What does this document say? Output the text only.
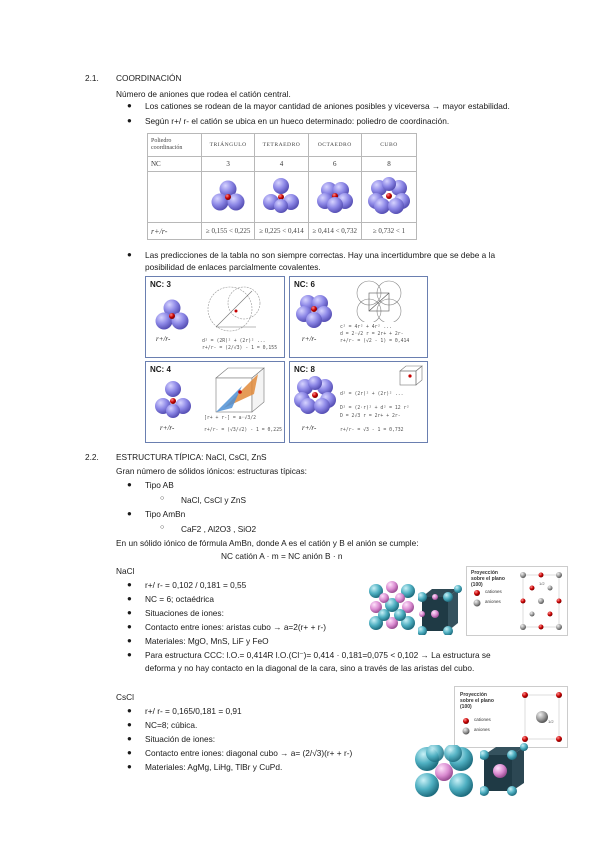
2.1. COORDINACIÓN
Número de aniones que rodea el catión central.
● Los cationes se rodean de la mayor cantidad de aniones posibles y viceversa → mayor estabilidad.
● Según r+/ r- el catión se ubica en un hueco determinado: poliedro de coordinación.
Poliedro coordinación	TRIÁNGULO	TETRAEDRO	OCTAEDRO	CUBO
NC	3	4	6	8

r+/r-	≥ 0,155 < 0,225	≥ 0,225 < 0,414	≥ 0,414 < 0,732	≥ 0,732 < 1
● Las predicciones de la tabla no son siempre correctas. Hay una incertidumbre que se debe a la
posibilidad de enlaces parcialmente covalentes.
NC: 3
r+/r-	d² = (2R)² + (2r)² ...
r+/r- = (2/√3) - 1 = 0,155
NC: 6
r+/r-
c² = 4r² + 4r² ...
d = 2·√2 r = 2r+ + 2r-
r+/r- = (√2 - 1) = 0,414
NC: 4
r+/r-
[r+ + r-] = a·√3/2
r+/r- = (√3/√2) - 1 = 0,225
NC: 8
r+/r-
d² = (2r)² + (2r)² ...
D² = (2·r)² + d² = 12 r²
D = 2√3 r = 2r+ + 2r-
r+/r- = √3 - 1 = 0,732
2.2. ESTRUCTURA TÍPICA: NaCl, CsCl, ZnS
Gran número de sólidos iónicos: estructuras típicas:
● Tipo AB
○ NaCl, CsCl y ZnS
● Tipo AmBn
○ CaF2 , Al2O3 , SiO2
En un sólido iónico de fórmula AmBn, donde A es el catión y B el anión se cumple:
NC catión A · m = NC anión B · n
NaCl
● r+/ r- = 0,102 / 0,181 = 0,55
● NC = 6; octaédrica
● Situaciones de iones:
● Contacto entre iones: aristas cubo → a=2(r+ + r-)
● Materiales: MgO, MnS, LiF y FeO
● Para estructura CCC: l.O.= 0,414R l.O.(Cl⁻)= 0,414 · 0,181=0,075 < 0,102 → La estructura se
deforma y no hay contacto en la diagonal de la cara, sino a través de las aristas del cubo.
Proyección sobre el plano (100)
cationes
aniones
1/2
CsCl
● r+/ r- = 0,165/0,181 = 0,91
● NC=8; cúbica.
● Situación de iones:
● Contacto entre iones: diagonal cubo → a= (2/√3)(r+ + r-)
● Materiales: AgMg, LiHg, TlBr y CuPd.
Proyección sobre el plano (100)
cationes
aniones
1/2
